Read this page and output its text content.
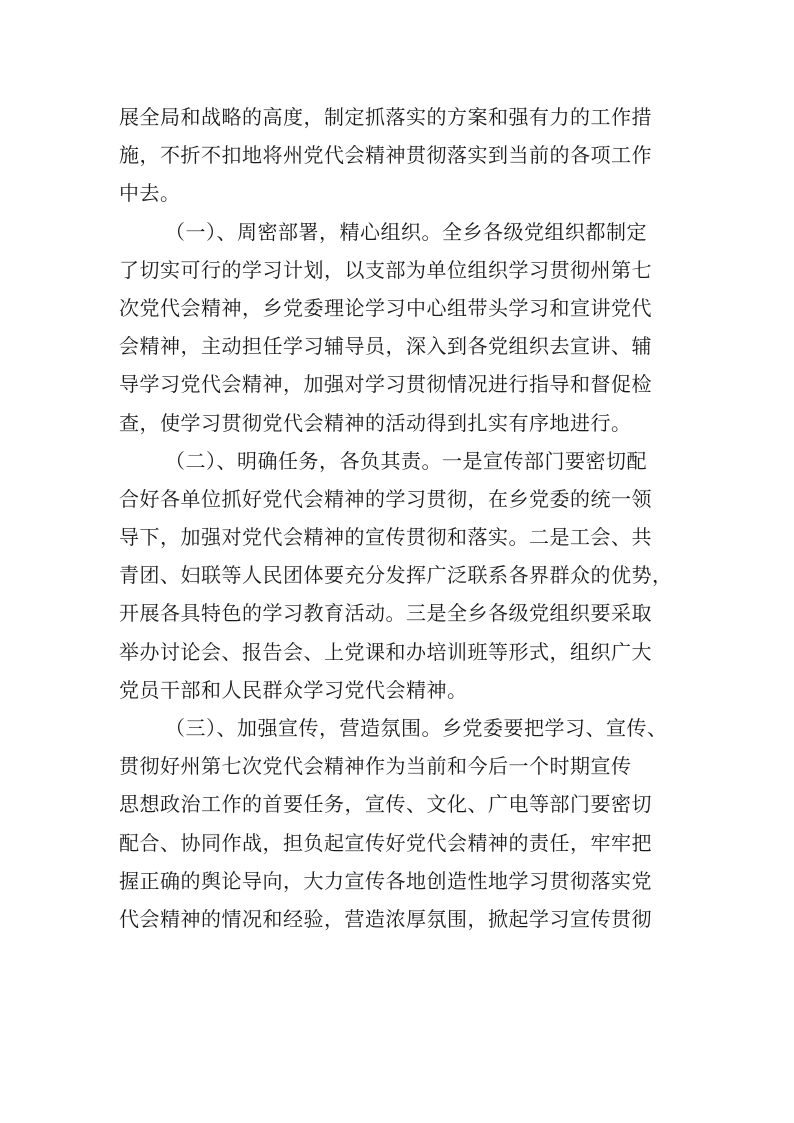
展全局和战略的高度，制定抓落实的方案和强有力的工作措
施，不折不扣地将州党代会精神贯彻落实到当前的各项工作
中去。
（一）、周密部署，精心组织。全乡各级党组织都制定
了切实可行的学习计划，以支部为单位组织学习贯彻州第七
次党代会精神，乡党委理论学习中心组带头学习和宣讲党代
会精神，主动担任学习辅导员，深入到各党组织去宣讲、辅
导学习党代会精神，加强对学习贯彻情况进行指导和督促检
查，使学习贯彻党代会精神的活动得到扎实有序地进行。
（二）、明确任务，各负其责。一是宣传部门要密切配
合好各单位抓好党代会精神的学习贯彻，在乡党委的统一领
导下，加强对党代会精神的宣传贯彻和落实。二是工会、共
青团、妇联等人民团体要充分发挥广泛联系各界群众的优势，
开展各具特色的学习教育活动。三是全乡各级党组织要采取
举办讨论会、报告会、上党课和办培训班等形式，组织广大
党员干部和人民群众学习党代会精神。
（三）、加强宣传，营造氛围。乡党委要把学习、宣传、
贯彻好州第七次党代会精神作为当前和今后一个时期宣传
思想政治工作的首要任务，宣传、文化、广电等部门要密切
配合、协同作战，担负起宣传好党代会精神的责任，牢牢把
握正确的舆论导向，大力宣传各地创造性地学习贯彻落实党
代会精神的情况和经验，营造浓厚氛围，掀起学习宣传贯彻
